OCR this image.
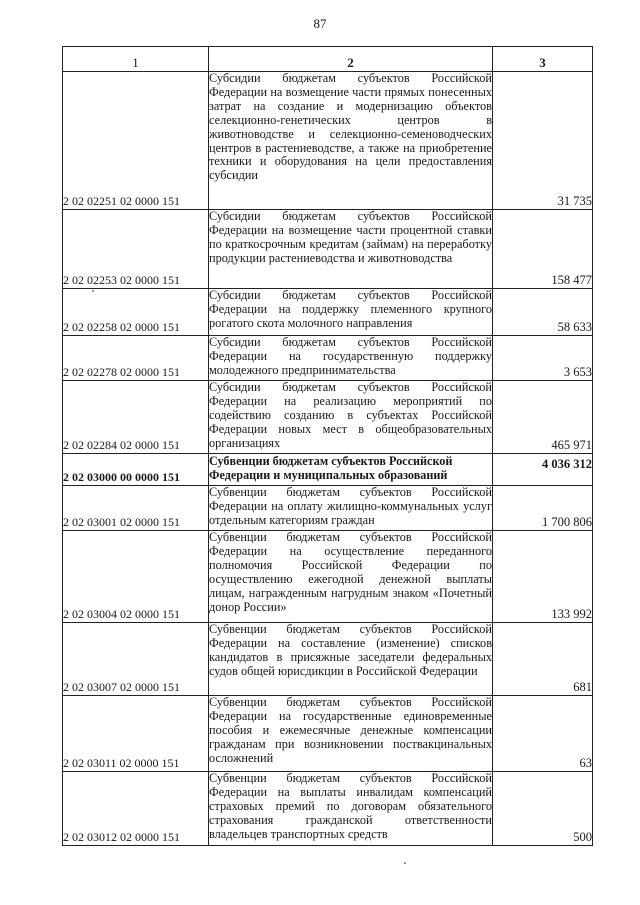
87
1	2	3
2 02 02251 02 0000 151	Субсидии бюджетам субъектов Российской Федерации на возмещение части прямых понесенных затрат на создание и модернизацию объектов селекционно-генетических центров в животноводстве и селекционно-семеноводческих центров в растениеводстве, а также на приобретение техники и оборудования на цели предоставления субсидии	31 735
2 02 02253 02 0000 151	Субсидии бюджетам субъектов Российской Федерации на возмещение части процентной ставки по краткосрочным кредитам (займам) на переработку продукции растениеводства и животноводства	158 477
2 02 02258 02 0000 151	Субсидии бюджетам субъектов Российской Федерации на поддержку племенного крупного рогатого скота молочного направления	58 633
2 02 02278 02 0000 151	Субсидии бюджетам субъектов Российской Федерации на государственную поддержку молодежного предпринимательства	3 653
2 02 02284 02 0000 151	Субсидии бюджетам субъектов Российской Федерации на реализацию мероприятий по содействию созданию в субъектах Российской Федерации новых мест в общеобразовательных организациях	465 971
2 02 03000 00 0000 151	Субвенции бюджетам субъектов Российской Федерации и муниципальных образований	4 036 312
2 02 03001 02 0000 151	Субвенции бюджетам субъектов Российской Федерации на оплату жилищно-коммунальных услуг отдельным категориям граждан	1 700 806
2 02 03004 02 0000 151	Субвенции бюджетам субъектов Российской Федерации на осуществление переданного полномочия Российской Федерации по осуществлению ежегодной денежной выплаты лицам, награжденным нагрудным знаком «Почетный донор России»	133 992
2 02 03007 02 0000 151	Субвенции бюджетам субъектов Российской Федерации на составление (изменение) списков кандидатов в присяжные заседатели федеральных судов общей юрисдикции в Российской Федерации	681
2 02 03011 02 0000 151	Субвенции бюджетам субъектов Российской Федерации на государственные единовременные пособия и ежемесячные денежные компенсации гражданам при возникновении поствакцинальных осложнений	63
2 02 03012 02 0000 151	Субвенции бюджетам субъектов Российской Федерации на выплаты инвалидам компенсаций страховых премий по договорам обязательного страхования гражданской ответственности владельцев транспортных средств	500
